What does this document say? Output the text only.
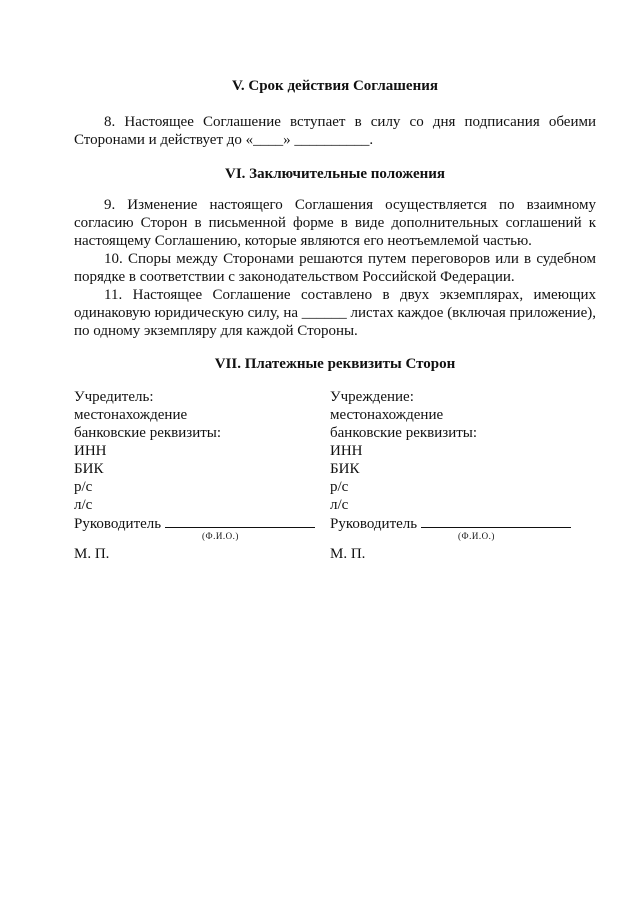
V. Срок действия Соглашения
8. Настоящее Соглашение вступает в силу со дня подписания обеими Сторонами и действует до «____» __________.
VI. Заключительные положения
9. Изменение настоящего Соглашения осуществляется по взаимному согласию Сторон в письменной форме в виде дополнительных соглашений к настоящему Соглашению, которые являются его неотъемлемой частью.
10. Споры между Сторонами решаются путем переговоров или в судебном порядке в соответствии с законодательством Российской Федерации.
11. Настоящее Соглашение составлено в двух экземплярах, имеющих одинаковую юридическую силу, на ______ листах каждое (включая приложение), по одному экземпляру для каждой Стороны.
VII. Платежные реквизиты Сторон
Учредитель:
местонахождение
банковские реквизиты:
ИНН
БИК
р/с
л/с
Руководитель
(Ф.И.О.)
М. П.
Учреждение:
местонахождение
банковские реквизиты:
ИНН
БИК
р/с
л/с
Руководитель
(Ф.И.О.)
М. П.
